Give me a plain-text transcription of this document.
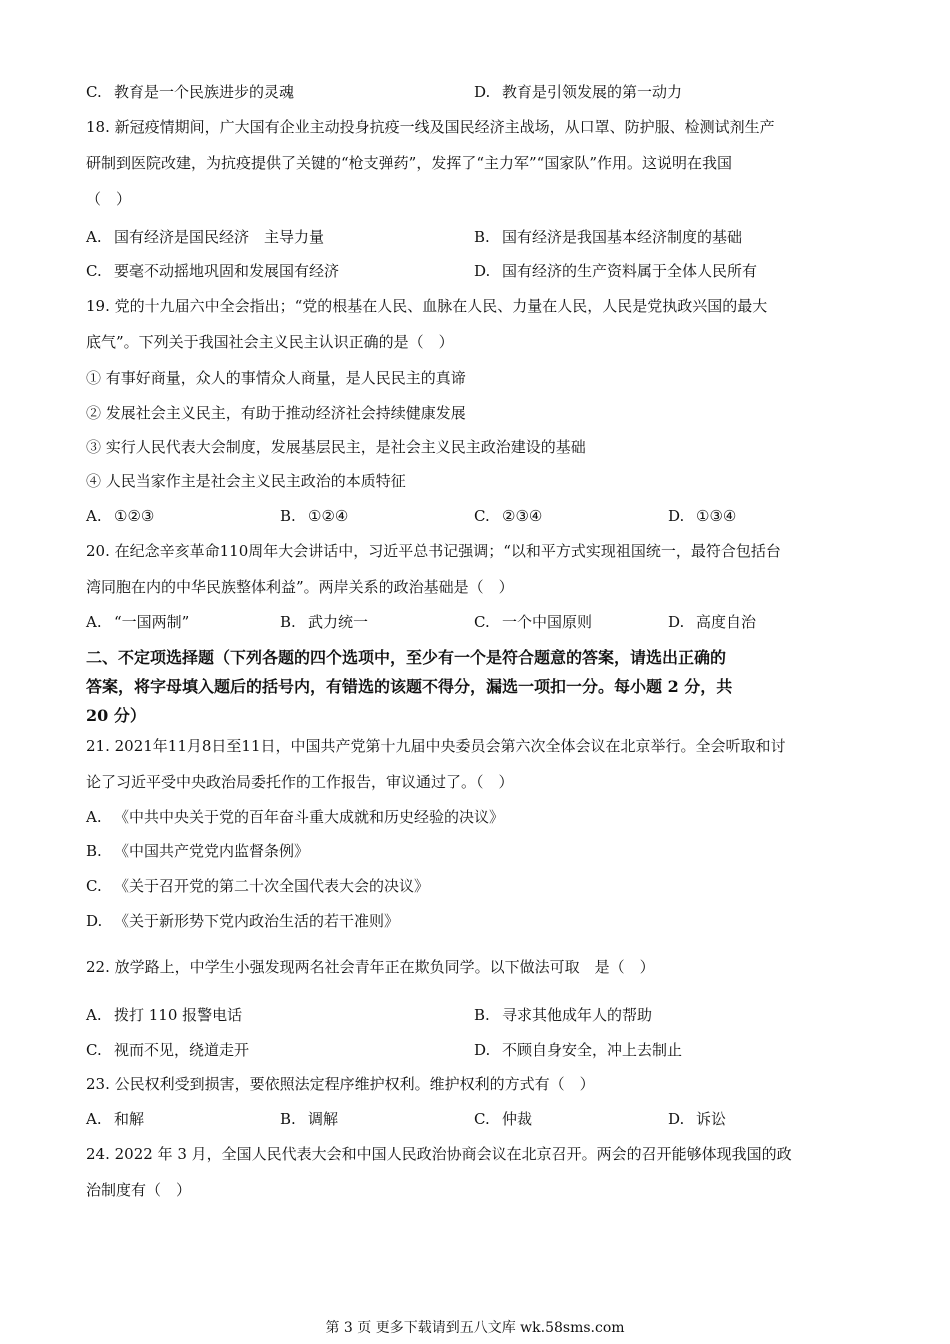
C. 教育是一个民族进步的灵魂	D. 教育是引领发展的第一动力
18. 新冠疫情期间，广大国有企业主动投身抗疫一线及国民经济主战场，从口罩、防护服、检测试剂生产
研制到医院改建，为抗疫提供了关键的“枪支弹药”，发挥了“主力军”“国家队”作用。这说明在我国
（　）
A. 国有经济是国民经济　主导力量	B. 国有经济是我国基本经济制度的基础
C. 要毫不动摇地巩固和发展国有经济	D. 国有经济的生产资料属于全体人民所有
19. 党的十九届六中全会指出；“党的根基在人民、血脉在人民、力量在人民，人民是党执政兴国的最大
底气”。下列关于我国社会主义民主认识正确的是（　）
① 有事好商量，众人的事情众人商量，是人民民主的真谛
② 发展社会主义民主，有助于推动经济社会持续健康发展
③ 实行人民代表大会制度，发展基层民主，是社会主义民主政治建设的基础
④ 人民当家作主是社会主义民主政治的本质特征
A. ①②③	B. ①②④	C. ②③④	D. ①③④
20. 在纪念辛亥革命110周年大会讲话中，习近平总书记强调；“以和平方式实现祖国统一，最符合包括台
湾同胞在内的中华民族整体利益”。两岸关系的政治基础是（　）
A. “一国两制”	B. 武力统一	C. 一个中国原则	D. 高度自治
二、不定项选择题（下列各题的四个选项中，至少有一个是符合题意的答案，请选出正确的
答案，将字母填入题后的括号内，有错选的该题不得分，漏选一项扣一分。每小题 2 分，共
20 分）
21. 2021年11月8日至11日，中国共产党第十九届中央委员会第六次全体会议在北京举行。全会听取和讨
论了习近平受中央政治局委托作的工作报告，审议通过了。（　）
A. 《中共中央关于党的百年奋斗重大成就和历史经验的决议》
B. 《中国共产党党内监督条例》
C. 《关于召开党的第二十次全国代表大会的决议》
D. 《关于新形势下党内政治生活的若干准则》
22. 放学路上，中学生小强发现两名社会青年正在欺负同学。以下做法可取　是（　）
A. 拨打 110 报警电话	B. 寻求其他成年人的帮助
C. 视而不见，绕道走开	D. 不顾自身安全，冲上去制止
23. 公民权利受到损害，要依照法定程序维护权利。维护权利的方式有（　）
A. 和解	B. 调解	C. 仲裁	D. 诉讼
24. 2022 年 3 月，全国人民代表大会和中国人民政治协商会议在北京召开。两会的召开能够体现我国的政
治制度有（　）
第 3 页 更多下载请到五八文库 wk.58sms.com
